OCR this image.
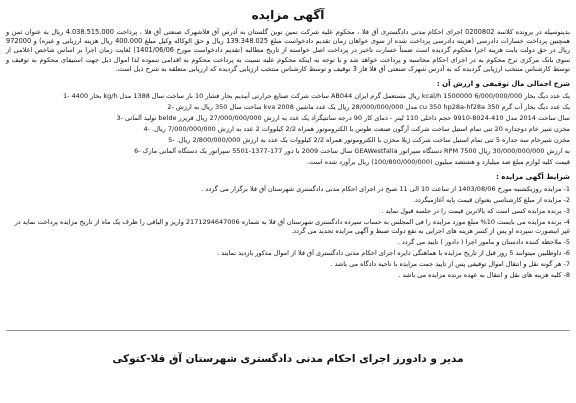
آگهی مزایده

بدینوسیله در پرونده کلاسه 0200802 اجرای احکام مدنی دادگستری آق قلا ، محکوم علیه شرکت نمین نوین گلستان به آدرس آق قلاشهرک صنعتی آق قلا ، پرداخت 4.038.515.000 ریال به عنوان ثمن و همچنین پرداخت خسارات دادرسی (هزینه دادرسی پرداخت شده از سوی خواهان زمان تقدیم دادخواست مبلغ 139.348.025 ریال و حق الوکاله وکیل مبلغ 400.000 ریال هزینه ارزیابی و غیره) و 972000 ریال در حق دولت بابت هزینه اجرا محکوم گردیده است ضمناً خسارت تاخیر در پرداخت اصل خواسته از تاریخ مطالبه (تقدیم دادخواست مورخ 1401/06/06) لغایت زمان اجرا بر اساس شاخص اعلامی از سوی بانک مرکزی نرخ محکوم به در اجرای احکام محاسبه و پرداخت خواهد شد و با توجه به اینکه محکوم علیه نسبت به پرداخت محکوم به اقدامی ننموده لذا اموال ذیل جهت استیفای محکوم به توقیف و توسط کارشناس منتخب ارزیابی گردیده که به آدرس شهرک صنعتی آق قلا فاز 3 توقیف و توسط کارشناس منتخب ارزیابی گردیده که ارزیابی متعلقه به شرح ذیل است.

شرح اجمالی مال توقیفی و ارزش آن :
یک عدد دیگ بخار kcal/h 1500000 6/000/000/000 ریال مستعمل گرم ایران AB044 ساخت شرکت صنایع حرارتی آبیدیم بخار فشار 10 بار ساخت سال 1388 مدل kg/h بخار 4400 -1
یک عدد دیگ بخار آب گرم 350 cu 350 hp28a-hf28a مدل 28/000/000/000 ریال یک عدد ماشین kva 2008 ساخت سال 350 ریال به ارزش -2
سال ساخت 2014 مدل 410-8024-9910 حجم داخلی 110 لیتر - دمای کار 90 درجه سانتیگراد یک عدد به ارزش 27/000/000/000 ریال فریزر belde تولید آلمانی -3
مخزن شیر خام دوجداره 20 تنی تمام استیل ساخت شرکت آرگون صنعت طوس با الکتروموتور همراه 2/2 کیلووات 2 عدد به ارزش 7/000/000/000 ریال. -4
مخزن شیرخام سه جداره 5 تنی تمام استیل ساخت شرکت ژیلا مخزن با الکتروموتور همراه 2/2 کیلووات یک عدد به ارزش 2/800/000/000 ریال. -5
به ارزش 30/000/000/000 ریال RPM 7500 دستگاه سپراتور GEAWestfalia سال ساخت 2009 با دور 177-1377-5501 سپراتور یک دستگاه آلمانی مارک -6
قیمت کلیه لوازم مبلغ صد میلیارد و هشتصد میلیون (100/800/000/000) ریال برآورد شده است.
شرایط آگهی مزایده :
1- مزایده روزیکشنبه مورخ 1403/08/06 از ساعت 10 الی 11 صبح در اجرای احکام مدنی دادگستری شهرستان آق قلا برگزار می گردد .
2- مزایده از مبلغ کارشناسی بعنوان قیمت پایه آغازمیگردد.
3- برنده مزایده کسی است که بالاترین قیمت را در جلسه قبول نماید .
4- برنده مزایده می بایست 10% مبلغ مورد مزایده را فی المجلس به حساب سپرده دادگستری شهرستان آق قلا به شماره 2171294647006 واریز و الباقی را ظرف یک ماه از تاریخ مزایده پرداخت نماید در غیر اینصورت سپرده او پس از کسر هزینه های اجرایی به نفع دولت ضبط و آگهی مزایده تجدید می گردد.
5- ملاحظه کننده دادستان و مامور اجرا ( دادور ) تایید می گردد .
6- داوطلبین میتوانند 5 روز قبل از تاریخ مزایده با هماهنگی دایره اجرای احکام مدنی دادگستری آق قلا از اموال مذکور بازدید نمایند .
7- هر گونه نقل و انتقال اموال توقیفی پس از تایید حمت مزایده با ناحیه دادگاه می باشد .
8- کلیه هزینه های نقل و انتقال به عهده برنده مزایده می باشد .
مدیر و دادورز اجرای احکام مدنی دادگستری شهرستان آق قلا-کتوکی
